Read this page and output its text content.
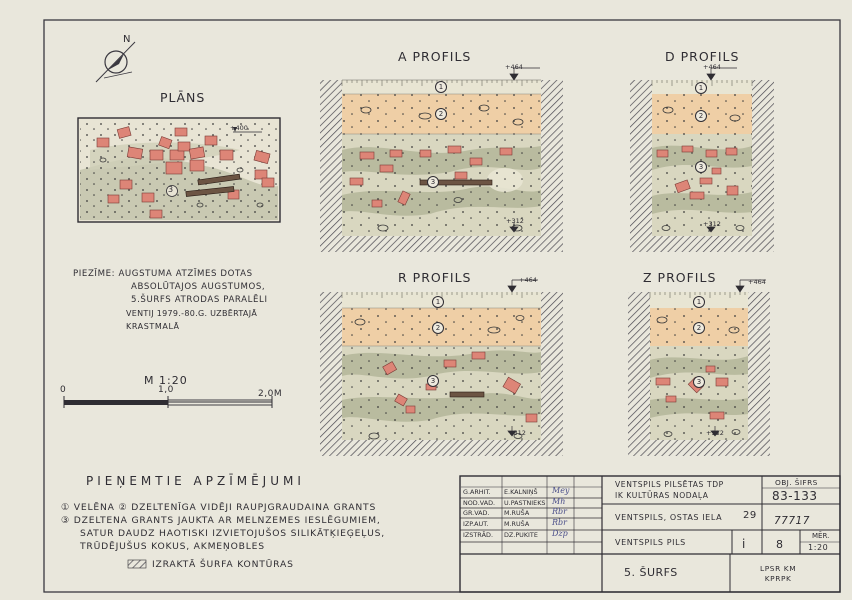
PLĀNS
+400
3
N
A PROFILS	D PROFILS
R PROFILS	Z PROFILS
+464
+312
+464
+312
+464
+312
+464
+312
1
2
3
1
2
3
1
2
3
1
2
3
PIEZĪME: AUGSTUMA ATZĪMES DOTAS
ABSOLŪTAJOS AUGSTUMOS,
5.ŠURFS ATRODAS PARALĒLI
VENTIJ 1979.-80.G. UZBĒRTAJĀ
KRASTMALĀ
M 1:20
0	1,0	2,0M
PIEŅEMTIE APZĪMĒJUMI
① VELĒNA ② DZELTENĪGA VIDĒJI RAUPJGRAUDAINA GRANTS
③ DZELTENA GRANTS JAUKTA AR MELNZEMES IESLĒGUMIEM,
SATUR DAUDZ HAOTISKI IZVIETOJUŠOS SILIKĀTĶIEĢEĻUS,
TRŪDĒJUŠUS KOKUS, AKMEŅOBLES
IZRAKTĀ ŠURFA KONTŪRAS
G.ARHIT. E.KALNIŅŠ Mey
NOD.VAD. U.PASTNIEKS Mh
GR.VAD. M.RUŠA	Rbr
IZP.AUT. M.RUŠA	Rbr
IZSTRĀD. DZ.PUKITE Dzp
VENTSPILS PILSĒTAS TDP
IK KULTŪRAS NODAĻA
VENTSPILS, OSTAS IELA 29
VENTSPILS PILS
5. ŠURFS	LPSR KM
KPRPK
OBJ. ŠIFRS
83-133
77717
i	8
MĒR.
1:20
